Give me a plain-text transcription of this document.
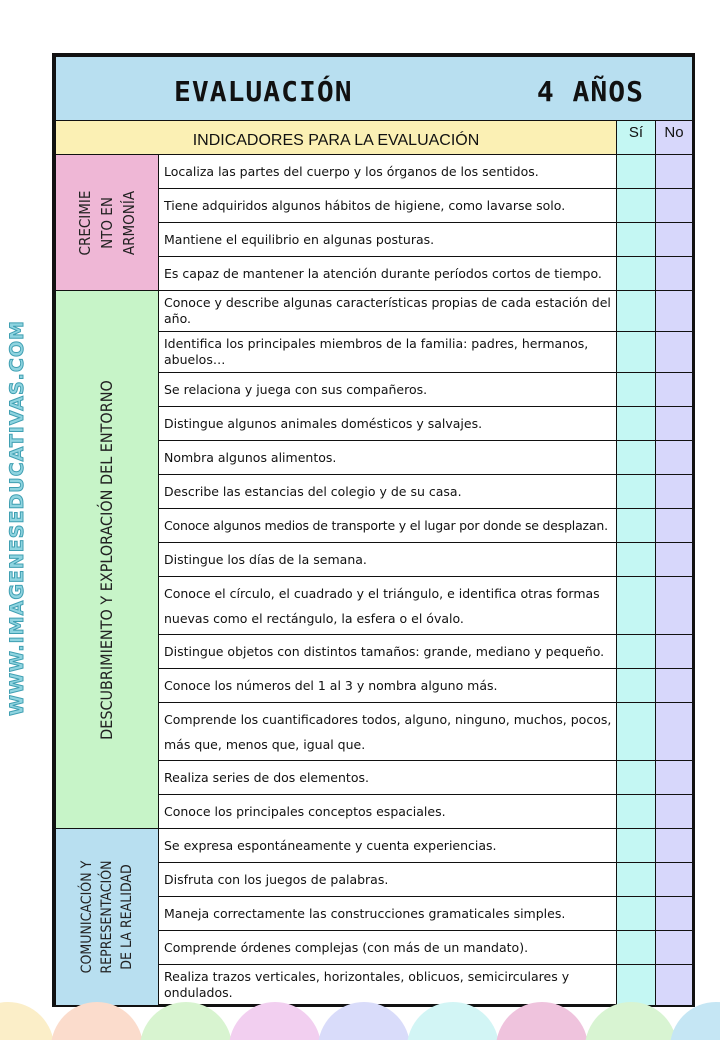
WWW.IMAGENESEDUCATIVAS.COM
EVALUACIÓN 4 AÑOS			

INDICADORES PARA LA EVALUACIÓN		Sí	No

CRECIMIE NTO EN ARMONÍA	Localiza las partes del cuerpo y los órganos de los sentidos.		
	Tiene adquiridos algunos hábitos de higiene, como lavarse solo.		
	Mantiene el equilibrio en algunas posturas.		
	Es capaz de mantener la atención durante períodos cortos de tiempo.		

DESCUBRIMIENTO Y EXPLORACIÓN DEL ENTORNO	Conoce y describe algunas características propias de cada estación del año.		
	Identifica los principales miembros de la familia: padres, hermanos, abuelos…		
	Se relaciona y juega con sus compañeros.		
	Distingue algunos animales domésticos y salvajes.		
	Nombra algunos alimentos.		
	Describe las estancias del colegio y de su casa.		
	Conoce algunos medios de transporte y el lugar por donde se desplazan.		
	Distingue los días de la semana.		
	Conoce el círculo, el cuadrado y el triángulo, e identifica otras formas nuevas como el rectángulo, la esfera o el óvalo.		
	Distingue objetos con distintos tamaños: grande, mediano y pequeño.		
	Conoce los números del 1 al 3 y nombra alguno más.		
	Comprende los cuantificadores todos, alguno, ninguno, muchos, pocos, más que, menos que, igual que.		
	Realiza series de dos elementos.		
	Conoce los principales conceptos espaciales.		

COMUNICACIÓN Y REPRESENTACIÓN DE LA REALIDAD	Se expresa espontáneamente y cuenta experiencias.		
	Disfruta con los juegos de palabras.		
	Maneja correctamente las construcciones gramaticales simples.		
	Comprende órdenes complejas (con más de un mandato).		
	Realiza trazos verticales, horizontales, oblicuos, semicirculares y ondulados.		
